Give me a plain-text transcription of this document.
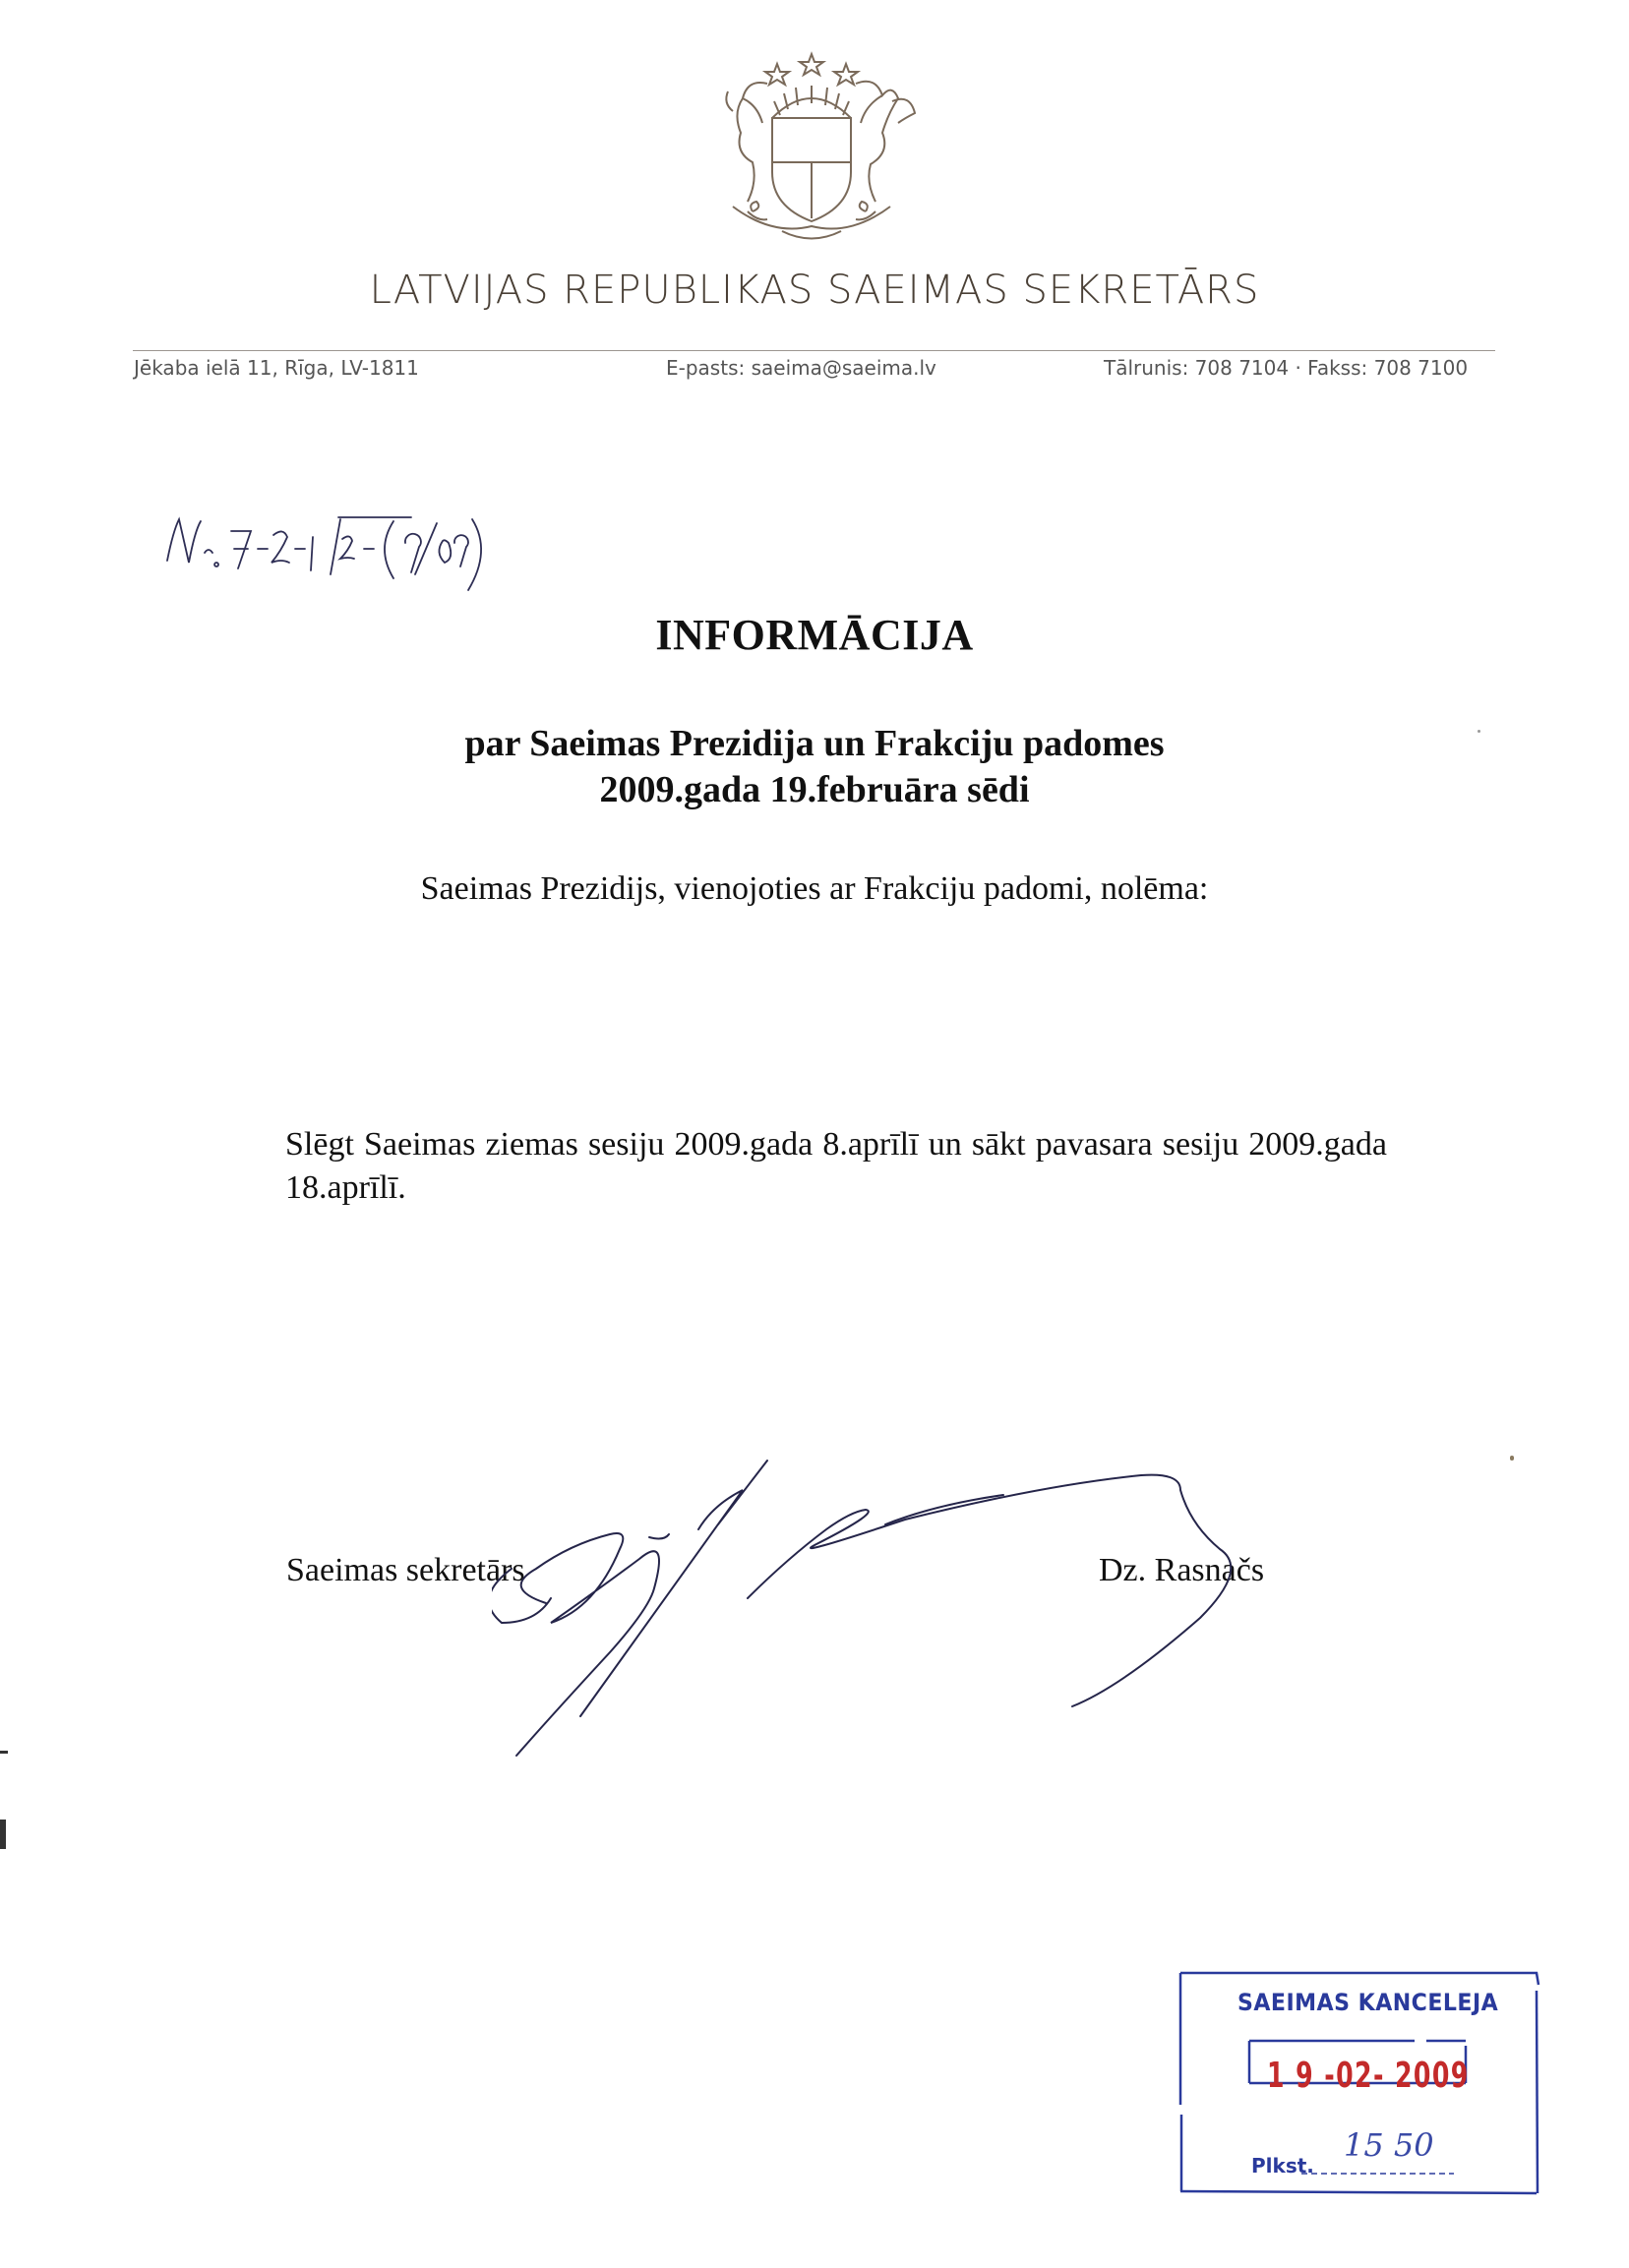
LATVIJAS REPUBLIKAS SAEIMAS SEKRETĀRS
Jēkaba ielā 11, Rīga, LV-1811	E-pasts: saeima@saeima.lv	Tālrunis: 708 7104 · Fakss: 708 7100
INFORMĀCIJA
par Saeimas Prezidija un Frakciju padomes
2009.gada 19.februāra sēdi
Saeimas Prezidijs, vienojoties ar Frakciju padomi, nolēma:
Slēgt Saeimas ziemas sesiju 2009.gada 8.aprīlī un sākt pavasara sesiju 2009.gada 18.aprīlī.
Saeimas sekretārs	Dz. Rasnačs
SAEIMAS KANCELEJA
1 9 -02- 2009
Plkst.
15 50
